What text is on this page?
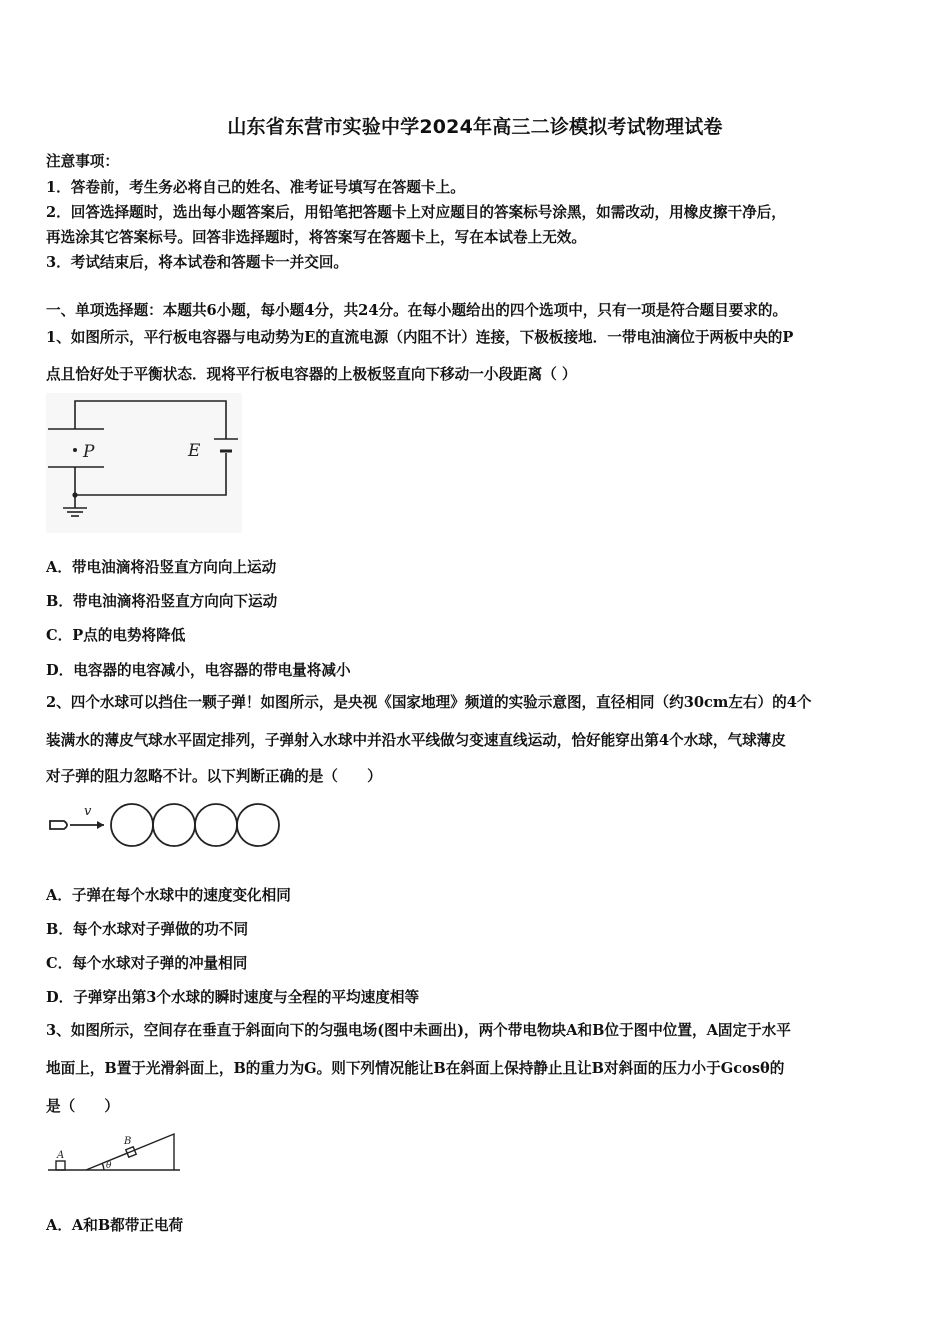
山东省东营市实验中学2024年高三二诊模拟考试物理试卷
注意事项：
1．答卷前，考生务必将自己的姓名、准考证号填写在答题卡上。
2．回答选择题时，选出每小题答案后，用铅笔把答题卡上对应题目的答案标号涂黑，如需改动，用橡皮擦干净后，
再选涂其它答案标号。回答非选择题时，将答案写在答题卡上，写在本试卷上无效。
3．考试结束后，将本试卷和答题卡一并交回。
一、单项选择题：本题共6小题，每小题4分，共24分。在每小题给出的四个选项中，只有一项是符合题目要求的。
1、如图所示，平行板电容器与电动势为E的直流电源（内阻不计）连接，下极板接地．一带电油滴位于两板中央的P
点且恰好处于平衡状态．现将平行板电容器的上极板竖直向下移动一小段距离（ ）
P	E
A．带电油滴将沿竖直方向向上运动
B．带电油滴将沿竖直方向向下运动
C．P点的电势将降低
D．电容器的电容减小，电容器的带电量将减小
2、四个水球可以挡住一颗子弹！如图所示，是央视《国家地理》频道的实验示意图，直径相同（约30cm左右）的4个
装满水的薄皮气球水平固定排列，子弹射入水球中并沿水平线做匀变速直线运动，恰好能穿出第4个水球，气球薄皮
对子弹的阻力忽略不计。以下判断正确的是（　　）
v
A．子弹在每个水球中的速度变化相同
B．每个水球对子弹做的功不同
C．每个水球对子弹的冲量相同
D．子弹穿出第3个水球的瞬时速度与全程的平均速度相等
3、如图所示，空间存在垂直于斜面向下的匀强电场(图中未画出)，两个带电物块A和B位于图中位置，A固定于水平
地面上，B置于光滑斜面上，B的重力为G。则下列情况能让B在斜面上保持静止且让B对斜面的压力小于Gcosθ的
是（　　）
A
B
θ
A．A和B都带正电荷
